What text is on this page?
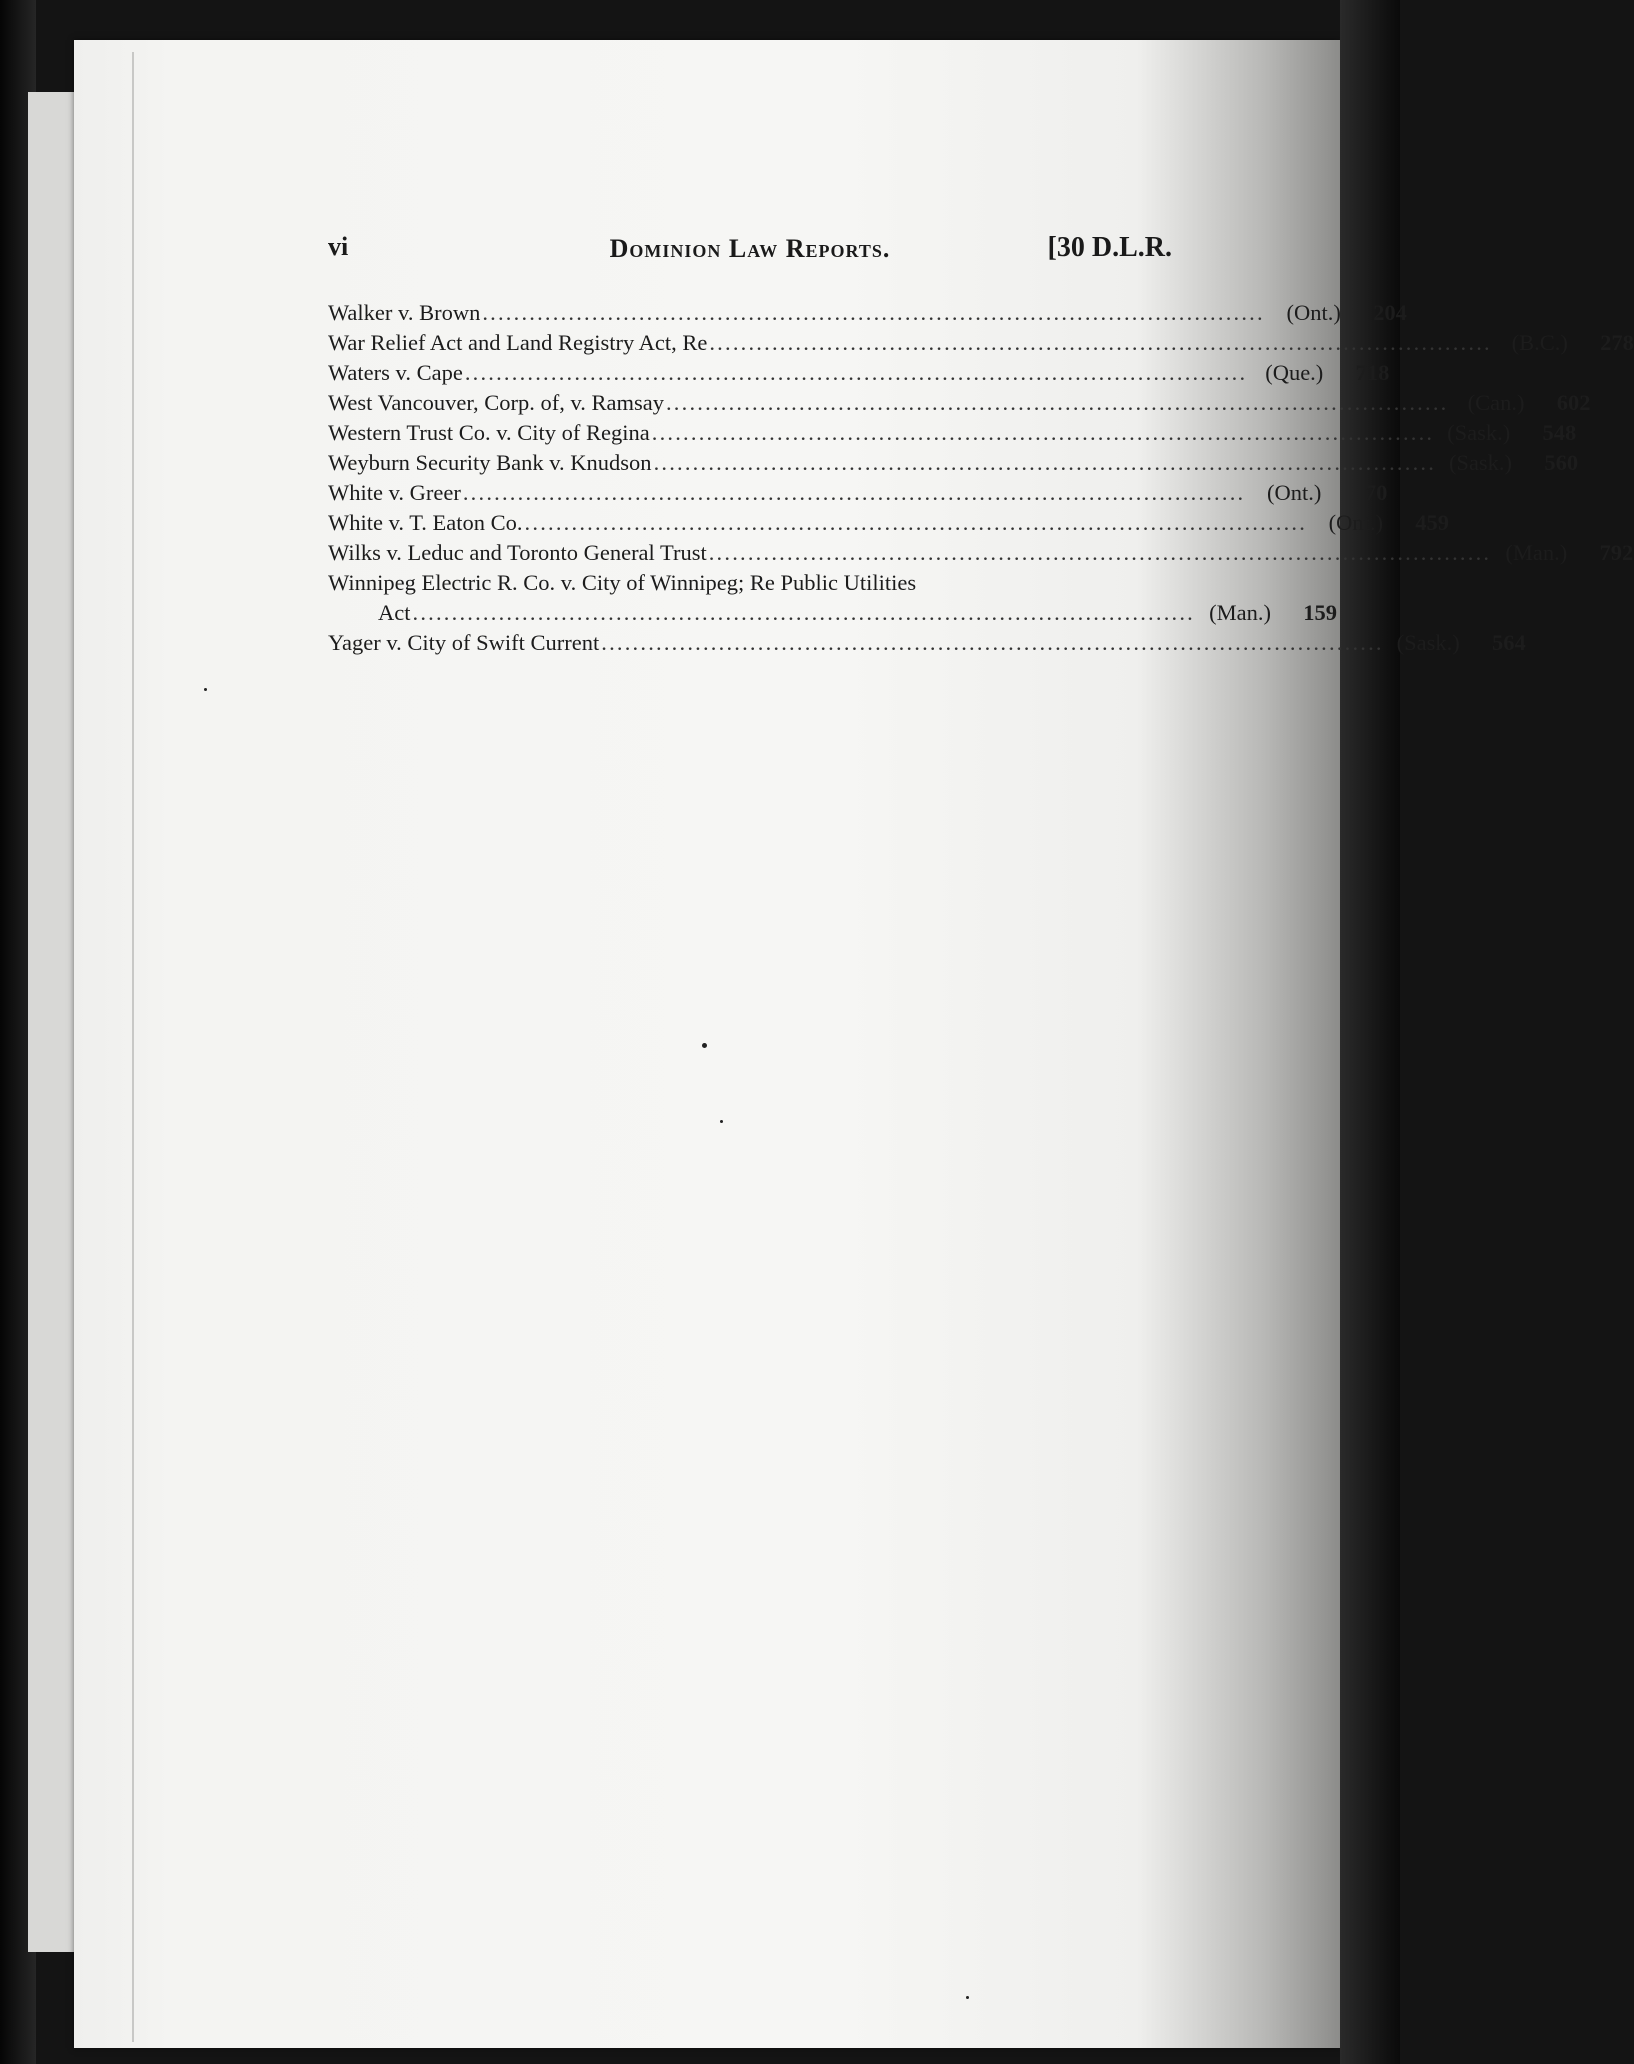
vi	Dominion Law Reports.	[30 D.L.R.
Walker v. Brown .................................................................................................... (Ont.)	204
War Relief Act and Land Registry Act, Re .................................................................................................... (B.C.)	278
Waters v. Cape .................................................................................................... (Que.)	718
West Vancouver, Corp. of, v. Ramsay .................................................................................................... (Can.)	602
Western Trust Co. v. City of Regina .................................................................................................... (Sask.)	548
Weyburn Security Bank v. Knudson .................................................................................................... (Sask.)	560
White v. Greer .................................................................................................... (Ont.)	70
White v. T. Eaton Co. .................................................................................................... (Ont.)	459
Wilks v. Leduc and Toronto General Trust .................................................................................................... (Man.)	792
Winnipeg Electric R. Co. v. City of Winnipeg; Re Public Utilities
Act .................................................................................................... (Man.)	159
Yager v. City of Swift Current .................................................................................................... (Sask.)	564
